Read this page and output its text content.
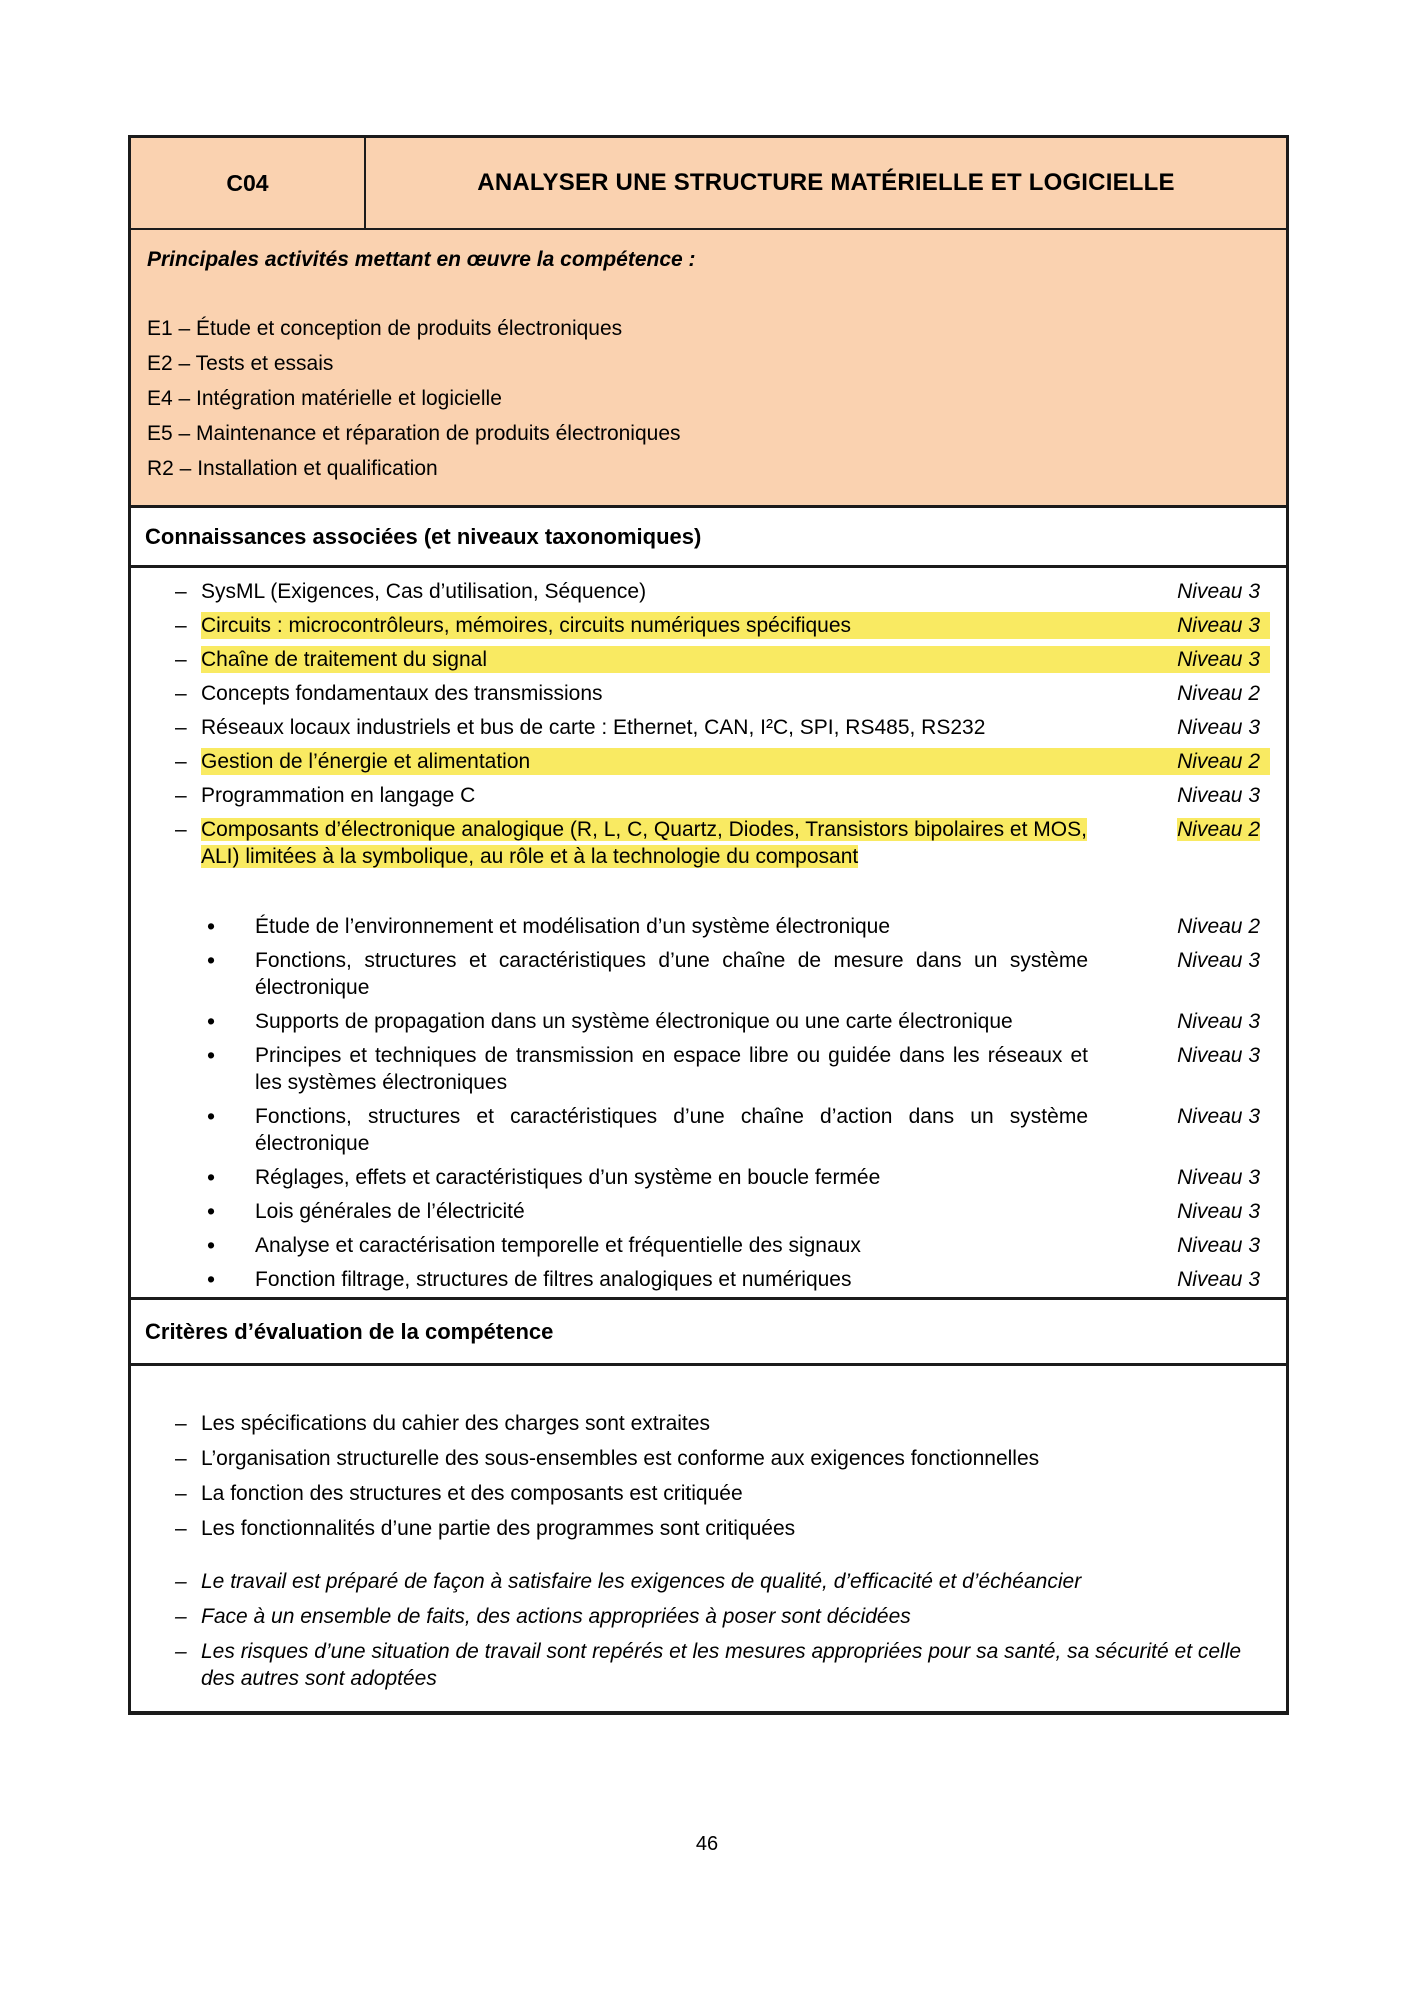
C04	ANALYSER UNE STRUCTURE MATÉRIELLE ET LOGICIELLE
Principales activités mettant en œuvre la compétence :
E1 – Étude et conception de produits électroniques
E2 – Tests et essais
E4 – Intégration matérielle et logicielle
E5 – Maintenance et réparation de produits électroniques
R2 – Installation et qualification
Connaissances associées (et niveaux taxonomiques)
– SysML (Exigences, Cas d’utilisation, Séquence)	Niveau 3
– Circuits : microcontrôleurs, mémoires, circuits numériques spécifiques	Niveau 3
– Chaîne de traitement du signal	Niveau 3
– Concepts fondamentaux des transmissions	Niveau 2
– Réseaux locaux industriels et bus de carte : Ethernet, CAN, I²C, SPI, RS485, RS232	Niveau 3
– Gestion de l’énergie et alimentation	Niveau 2
– Programmation en langage C	Niveau 3
– Composants d’électronique analogique (R, L, C, Quartz, Diodes, Transistors bipolaires et MOS, ALI) limitées à la symbolique, au rôle et à la technologie du composant
Niveau 2
•	Étude de l’environnement et modélisation d’un système électronique	Niveau 2
•	Fonctions, structures et caractéristiques d’une chaîne de mesure dans un système électronique
Niveau 3
•	Supports de propagation dans un système électronique ou une carte électronique	Niveau 3
•	Principes et techniques de transmission en espace libre ou guidée dans les réseaux et les systèmes électroniques
Niveau 3
•	Fonctions, structures et caractéristiques d’une chaîne d’action dans un système électronique
Niveau 3
•	Réglages, effets et caractéristiques d’un système en boucle fermée	Niveau 3
•	Lois générales de l’électricité	Niveau 3
•	Analyse et caractérisation temporelle et fréquentielle des signaux	Niveau 3
•	Fonction filtrage, structures de filtres analogiques et numériques	Niveau 3
Critères d’évaluation de la compétence
– Les spécifications du cahier des charges sont extraites
– L’organisation structurelle des sous-ensembles est conforme aux exigences fonctionnelles
– La fonction des structures et des composants est critiquée
– Les fonctionnalités d’une partie des programmes sont critiquées
– Le travail est préparé de façon à satisfaire les exigences de qualité, d’efficacité et d’échéancier
– Face à un ensemble de faits, des actions appropriées à poser sont décidées
– Les risques d’une situation de travail sont repérés et les mesures appropriées pour sa santé, sa sécurité et celle des autres sont adoptées
46
